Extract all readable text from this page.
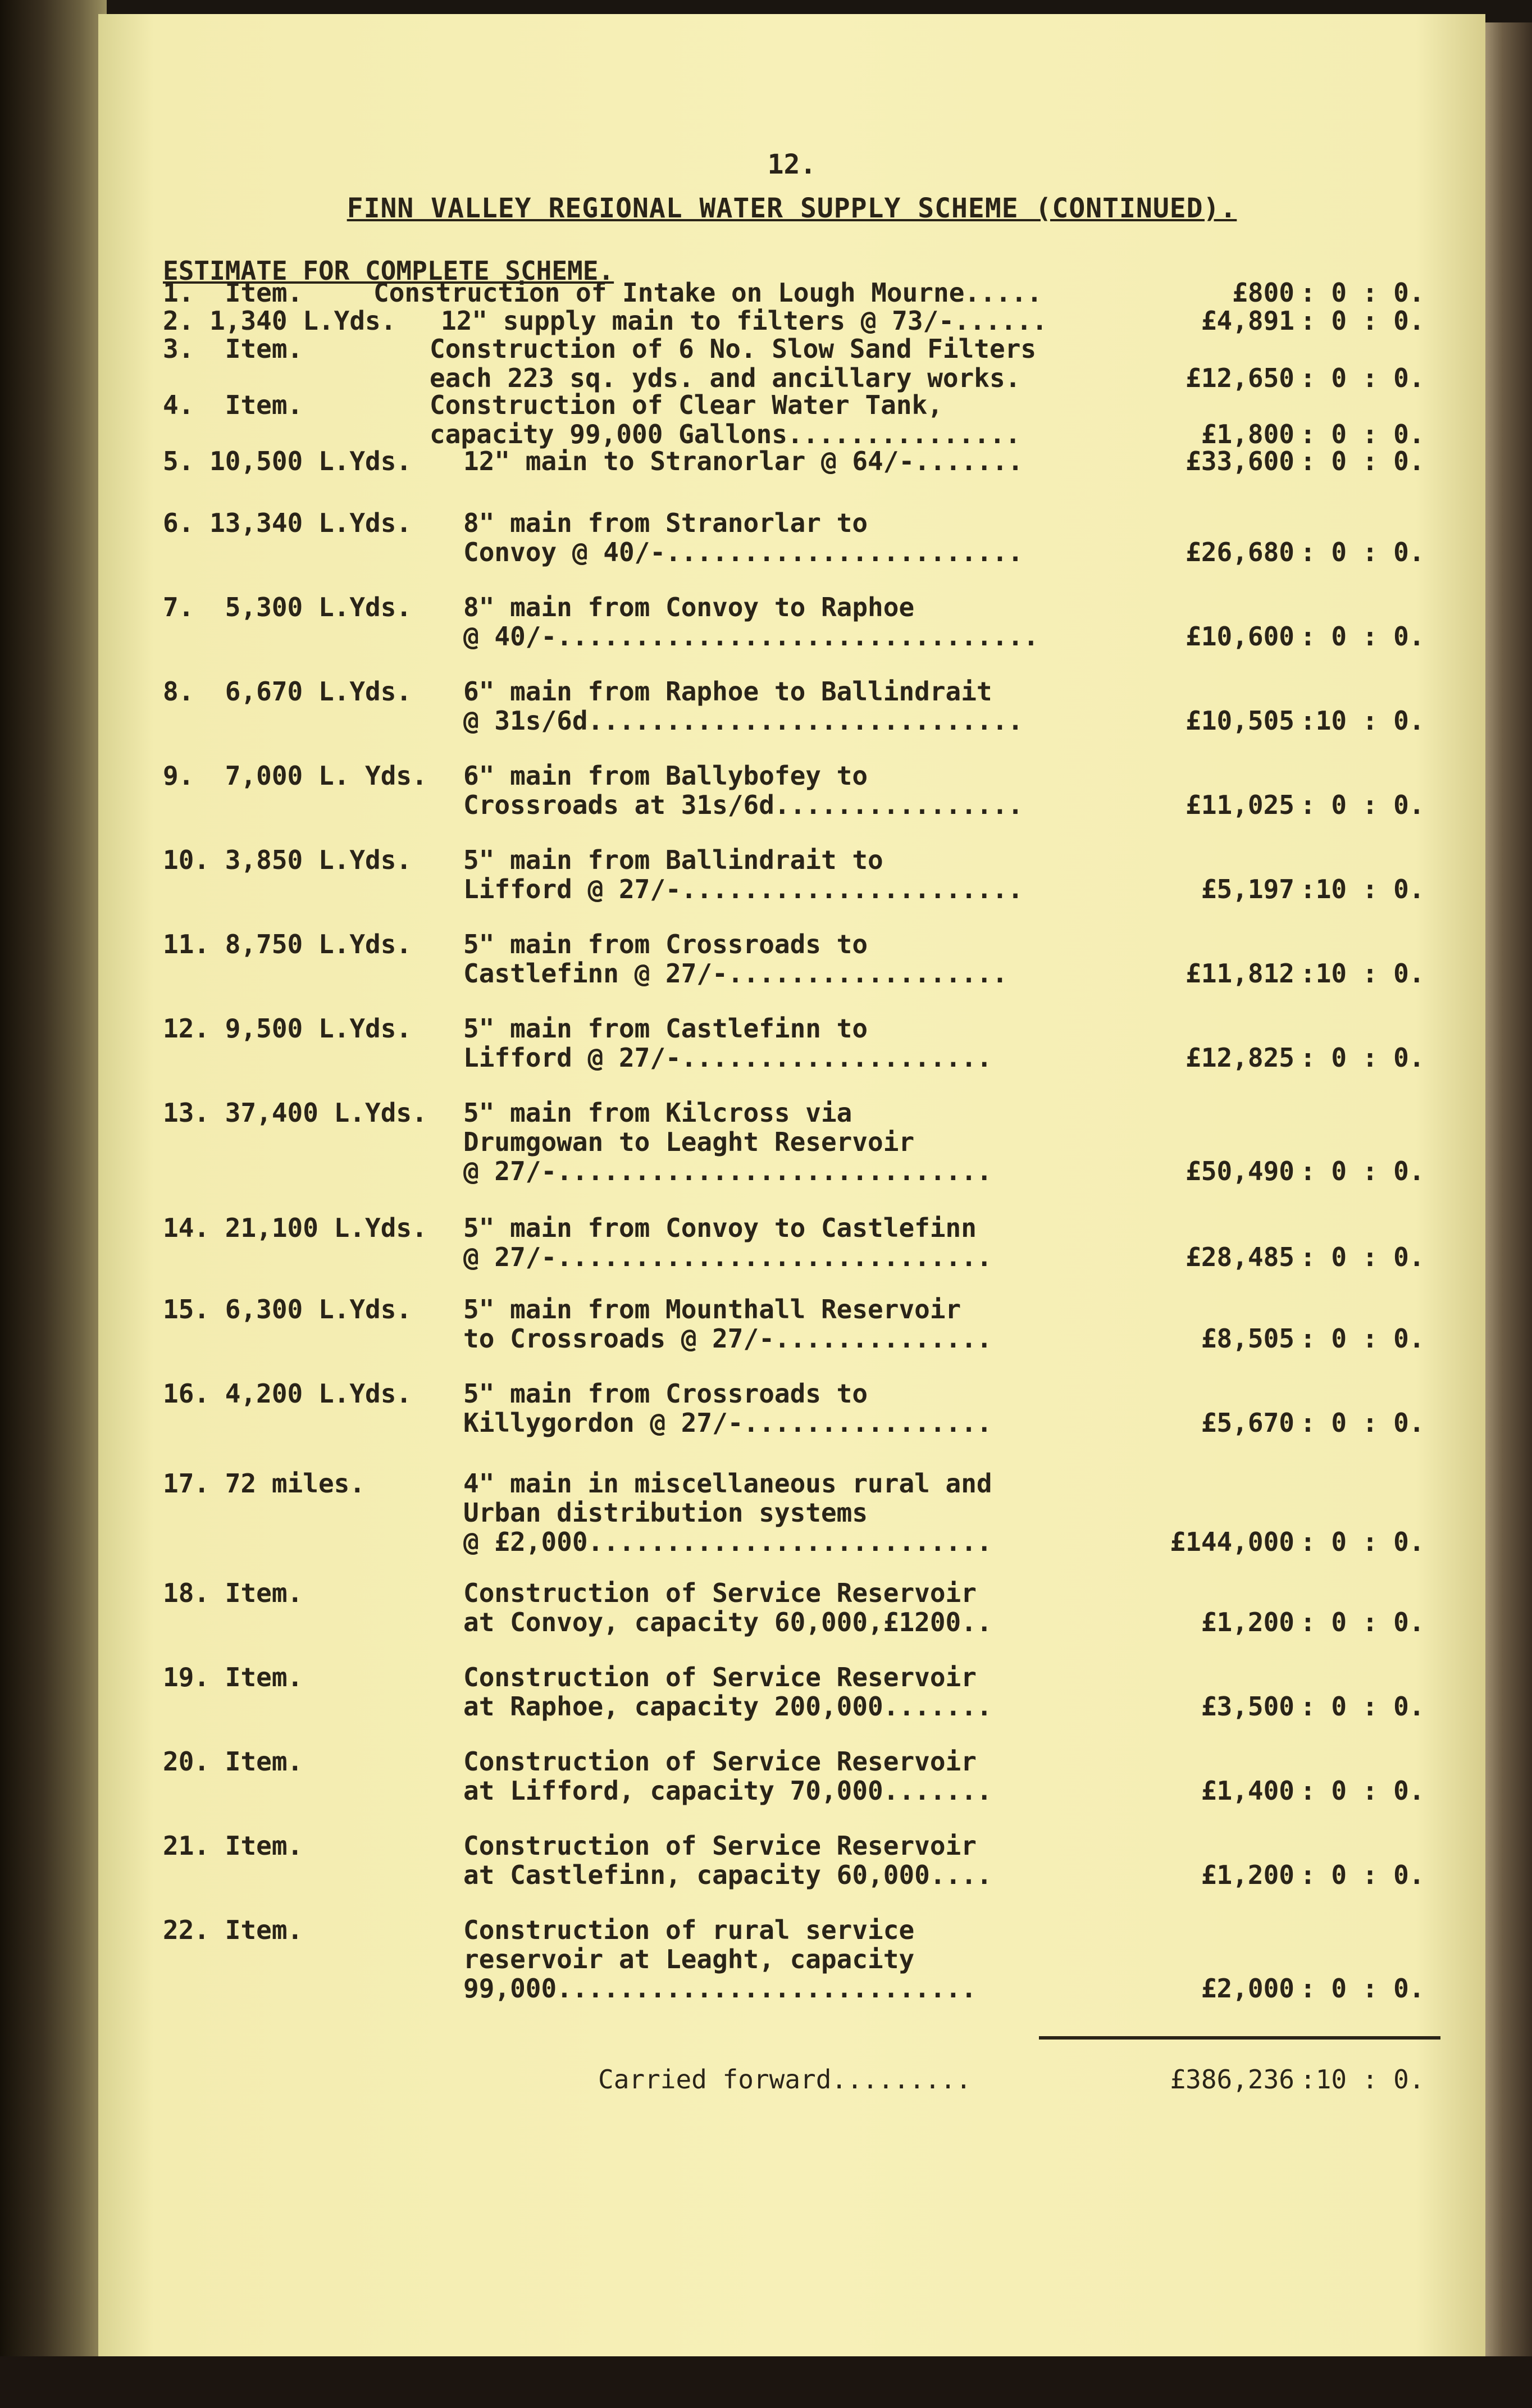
12.
FINN VALLEY REGIONAL WATER SUPPLY SCHEME (CONTINUED).
ESTIMATE FOR COMPLETE SCHEME.
1.  Item.	Construction of Intake on Lough Mourne.....	£800 : 0 : 0.
2. 1,340 L.Yds. 12" supply main to filters @ 73/-......	£4,891 : 0 : 0.
3.  Item.	Construction of 6 No. Slow Sand Filters
each 223 sq. yds. and ancillary works.	£12,650 : 0 : 0.
4.  Item.	Construction of Clear Water Tank,
capacity 99,000 Gallons...............	£1,800 : 0 : 0.
5. 10,500 L.Yds. 12" main to Stranorlar @ 64/-.......	£33,600 : 0 : 0.
6. 13,340 L.Yds. 8" main from Stranorlar to
Convoy @ 40/-.......................	£26,680 : 0 : 0.
7.  5,300 L.Yds. 8" main from Convoy to Raphoe
@ 40/-...............................	£10,600 : 0 : 0.
8.  6,670 L.Yds. 6" main from Raphoe to Ballindrait
@ 31s/6d............................	£10,505 :10 : 0.
9.  7,000 L. Yds. 6" main from Ballybofey to
Crossroads at 31s/6d................	£11,025 : 0 : 0.
10. 3,850 L.Yds. 5" main from Ballindrait to
Lifford @ 27/-......................	£5,197 :10 : 0.
11. 8,750 L.Yds. 5" main from Crossroads to
Castlefinn @ 27/-..................	£11,812 :10 : 0.
12. 9,500 L.Yds. 5" main from Castlefinn to
Lifford @ 27/-....................	£12,825 : 0 : 0.
13. 37,400 L.Yds. 5" main from Kilcross via
Drumgowan to Leaght Reservoir
@ 27/-............................	£50,490 : 0 : 0.
14. 21,100 L.Yds. 5" main from Convoy to Castlefinn
@ 27/-............................	£28,485 : 0 : 0.
15. 6,300 L.Yds. 5" main from Mounthall Reservoir
to Crossroads @ 27/-..............	£8,505 : 0 : 0.
16. 4,200 L.Yds. 5" main from Crossroads to
Killygordon @ 27/-................	£5,670 : 0 : 0.
17. 72 miles.	4" main in miscellaneous rural and
Urban distribution systems
@ £2,000..........................	£144,000 : 0 : 0.
18. Item.	Construction of Service Reservoir
at Convoy, capacity 60,000,£1200..	£1,200 : 0 : 0.
19. Item.	Construction of Service Reservoir
at Raphoe, capacity 200,000.......	£3,500 : 0 : 0.
20. Item.	Construction of Service Reservoir
at Lifford, capacity 70,000.......	£1,400 : 0 : 0.
21. Item.	Construction of Service Reservoir
at Castlefinn, capacity 60,000....	£1,200 : 0 : 0.
22. Item.	Construction of rural service
reservoir at Leaght, capacity
99,000...........................	£2,000 : 0 : 0.
Carried forward.........	£386,236 :10 : 0.
